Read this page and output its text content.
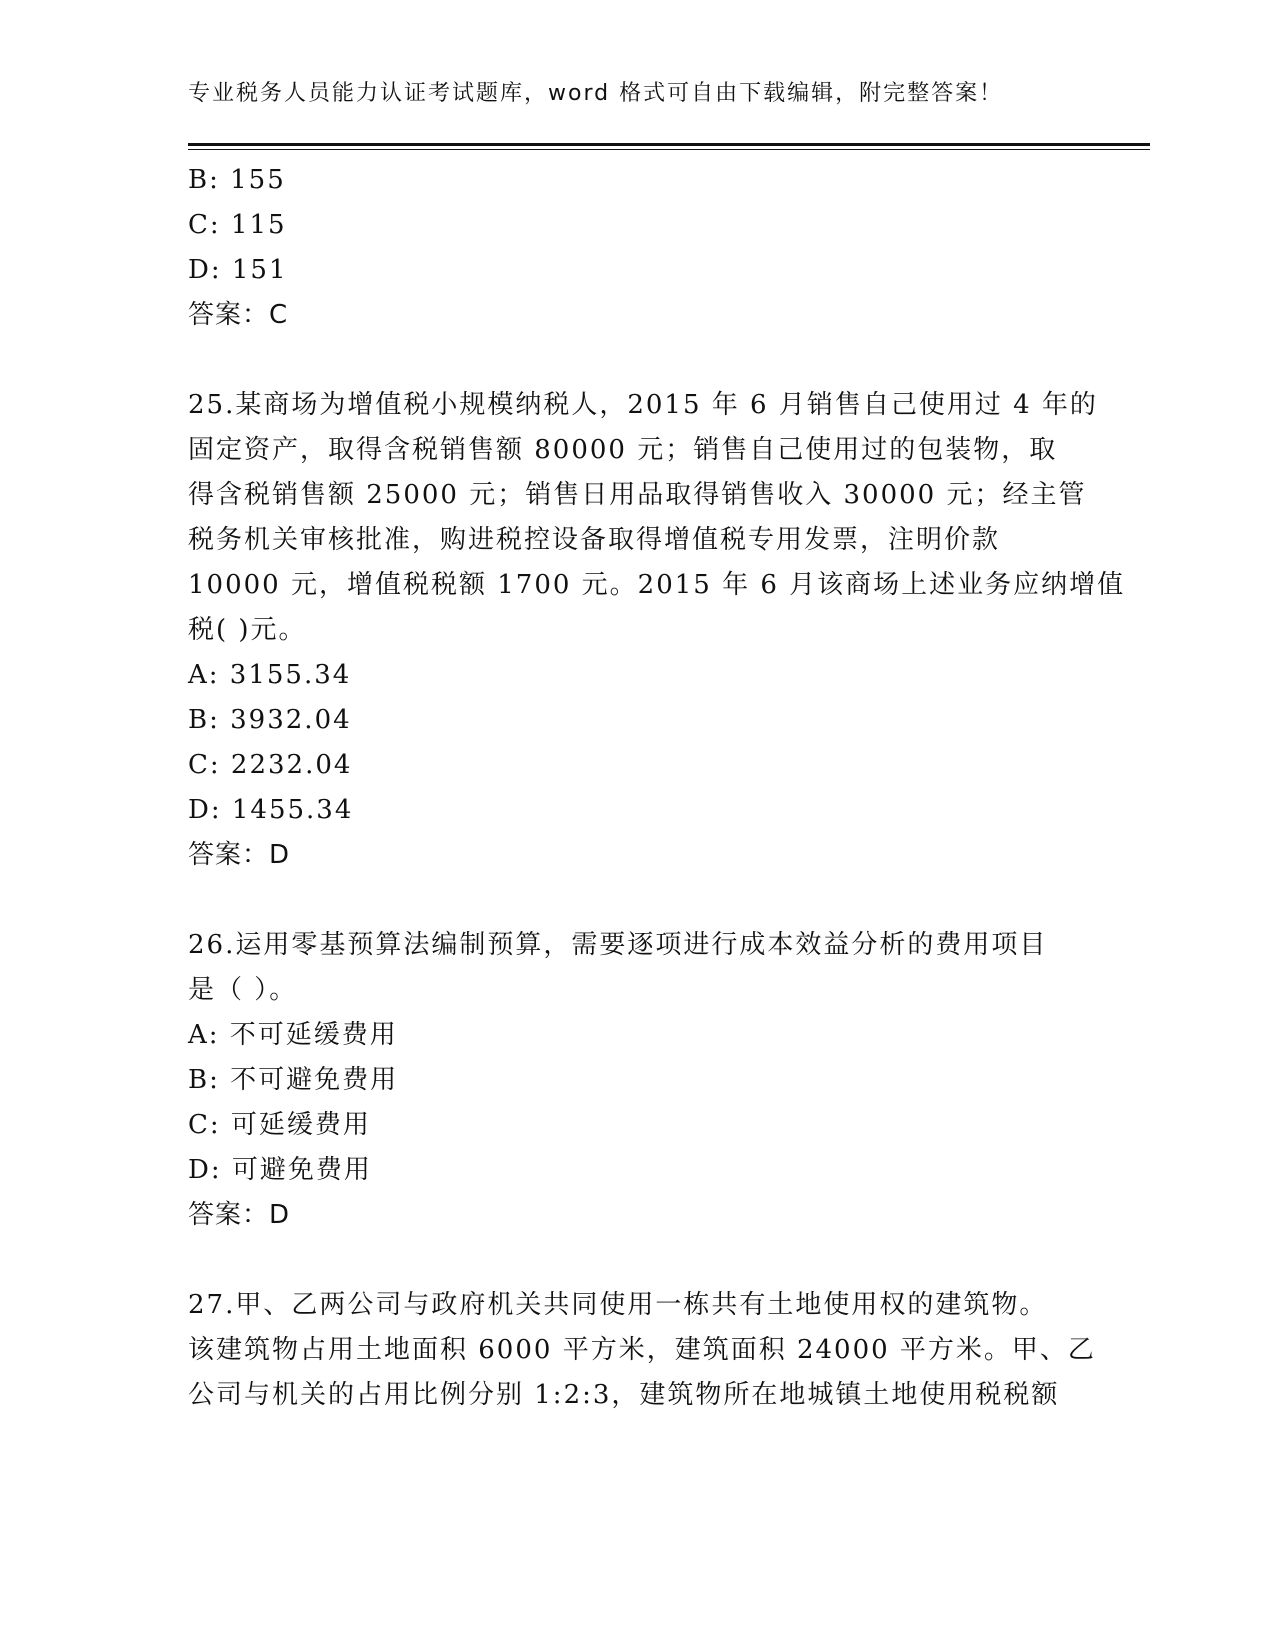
专业税务人员能力认证考试题库，word 格式可自由下载编辑，附完整答案！
B: 155
C: 115
D: 151
答案：C
25.某商场为增值税小规模纳税人，2015 年 6 月销售自己使用过 4 年的
固定资产，取得含税销售额 80000 元；销售自己使用过的包装物，取
得含税销售额 25000 元；销售日用品取得销售收入 30000 元；经主管
税务机关审核批准，购进税控设备取得增值税专用发票，注明价款
10000 元，增值税税额 1700 元。2015 年 6 月该商场上述业务应纳增值
税( )元。
A: 3155.34
B: 3932.04
C: 2232.04
D: 1455.34
答案：D
26.运用零基预算法编制预算，需要逐项进行成本效益分析的费用项目
是（ ）。
A: 不可延缓费用
B: 不可避免费用
C: 可延缓费用
D: 可避免费用
答案：D
27.甲、乙两公司与政府机关共同使用一栋共有土地使用权的建筑物。
该建筑物占用土地面积 6000 平方米，建筑面积 24000 平方米。甲、乙
公司与机关的占用比例分别 1:2:3，建筑物所在地城镇土地使用税税额
